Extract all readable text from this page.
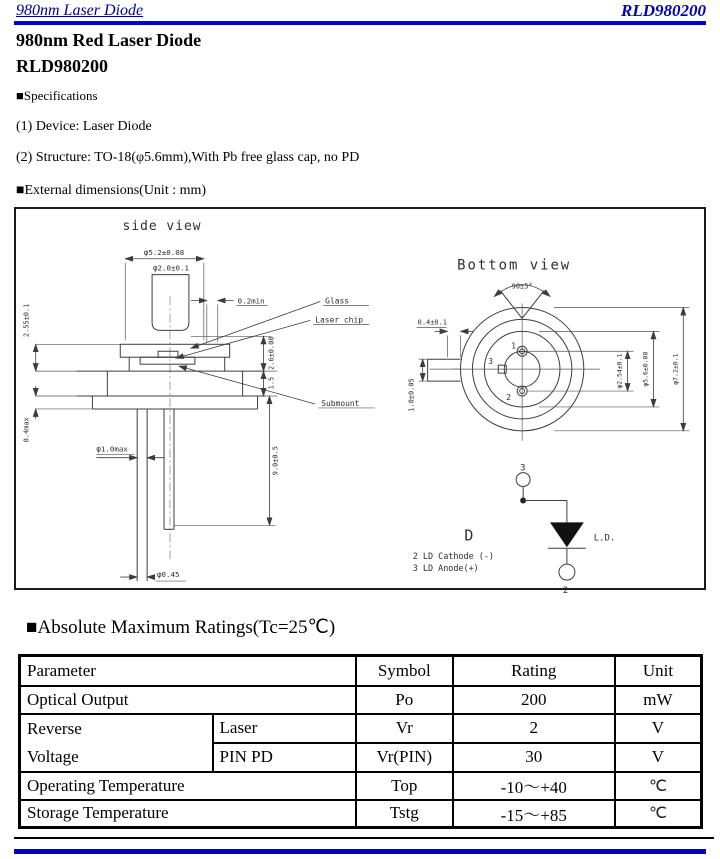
980nm Laser Diode	RLD980200
980nm Red Laser Diode
RLD980200
■Specifications
(1) Device: Laser Diode
(2) Structure: TO-18(φ5.6mm),With Pb free glass cap, no PD
■External dimensions(Unit : mm)
side view
φ5.2±0.08
φ2.0±0.1
0.2min
2.55±0.1
0.4max
φ1.0max
2.6±0.08
1.5
9.0±0.5
φ0.45
Glass
Laser chip
Submount
Bottom view
90±5°
0.4±0.1
1.0±0.05
φ2.54±0.1	φ5.6±0.08	φ7.2±0.1
1
3
2
3
2
L.D.
D
2 LD Cathode (-)
3 LD Anode(+)
■Absolute Maximum Ratings(Tc=25℃)
Parameter		Symbol	Rating	Unit
Optical Output		Po	200	mW

Reverse
Voltage	Laser	Vr	2	V
	PIN PD	Vr(PIN)	30	V
Operating Temperature		Top	-10～+40	℃
Storage Temperature		Tstg	-15～+85	℃
